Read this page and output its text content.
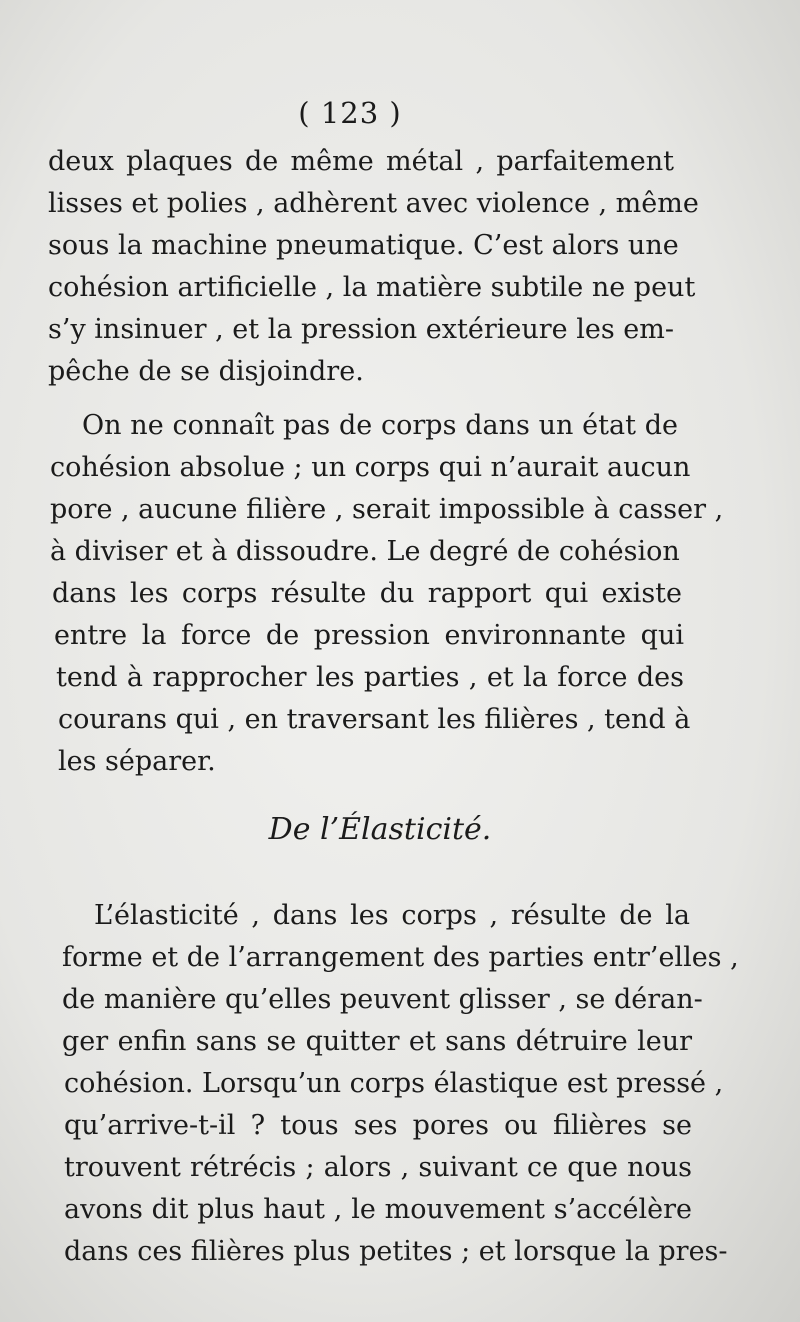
( 123 )
deux plaques de même métal , parfaitement
lisses et polies , adhèrent avec violence , même
sous la machine pneumatique. C’est alors une
cohésion artificielle , la matière subtile ne peut
s’y insinuer , et la pression extérieure les em-
pêche de se disjoindre.
On ne connaît pas de corps dans un état de
cohésion absolue ; un corps qui n’aurait aucun
pore , aucune filière , serait impossible à casser ,
à diviser et à dissoudre. Le degré de cohésion
dans les corps résulte du rapport qui existe
entre la force de pression environnante qui
tend à rapprocher les parties , et la force des
courans qui , en traversant les filières , tend à
les séparer.
De l’Élasticité.
L’élasticité , dans les corps , résulte de la
forme et de l’arrangement des parties entr’elles ,
de manière qu’elles peuvent glisser , se déran-
ger enfin sans se quitter et sans détruire leur
cohésion. Lorsqu’un corps élastique est pressé ,
qu’arrive-t-il ? tous ses pores ou filières se
trouvent rétrécis ; alors , suivant ce que nous
avons dit plus haut , le mouvement s’accélère
dans ces filières plus petites ; et lorsque la pres-
